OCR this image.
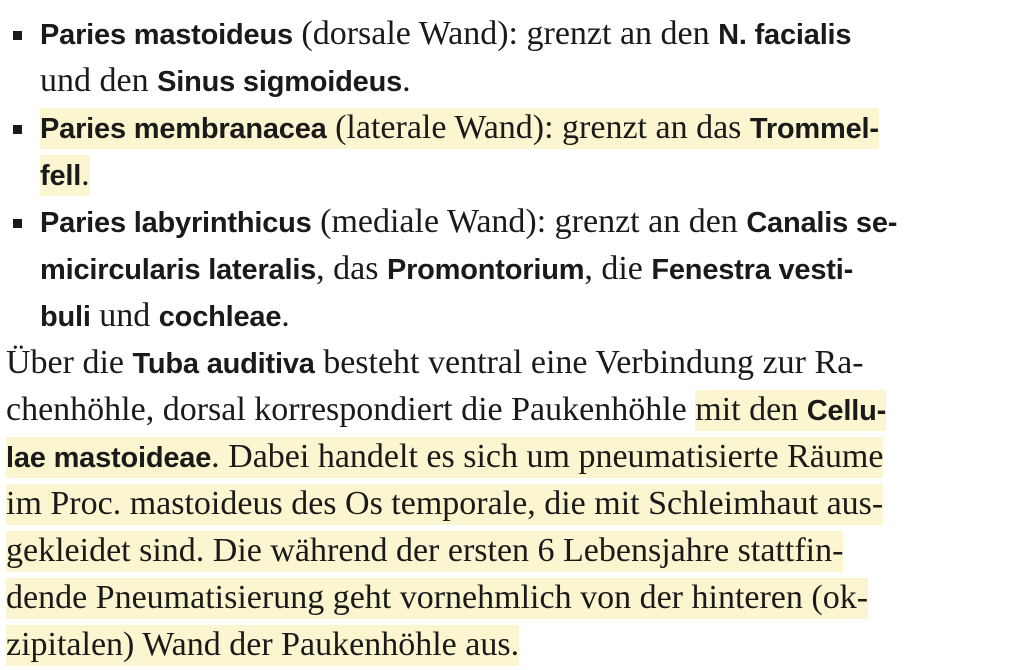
Paries mastoideus (dorsale Wand): grenzt an den N. facialis
und den Sinus sigmoideus.
Paries membranacea (laterale Wand): grenzt an das Trommel-
fell.
Paries labyrinthicus (mediale Wand): grenzt an den Canalis se-
micircularis lateralis, das Promontorium, die Fenestra vesti-
buli und cochleae.
Über die Tuba auditiva besteht ventral eine Verbindung zur Ra-
chenhöhle, dorsal korrespondiert die Paukenhöhle mit den Cellu-
lae mastoideae. Dabei handelt es sich um pneumatisierte Räume
im Proc. mastoideus des Os temporale, die mit Schleimhaut aus-
gekleidet sind. Die während der ersten 6 Lebensjahre stattfin-
dende Pneumatisierung geht vornehmlich von der hinteren (ok-
zipitalen) Wand der Paukenhöhle aus.
